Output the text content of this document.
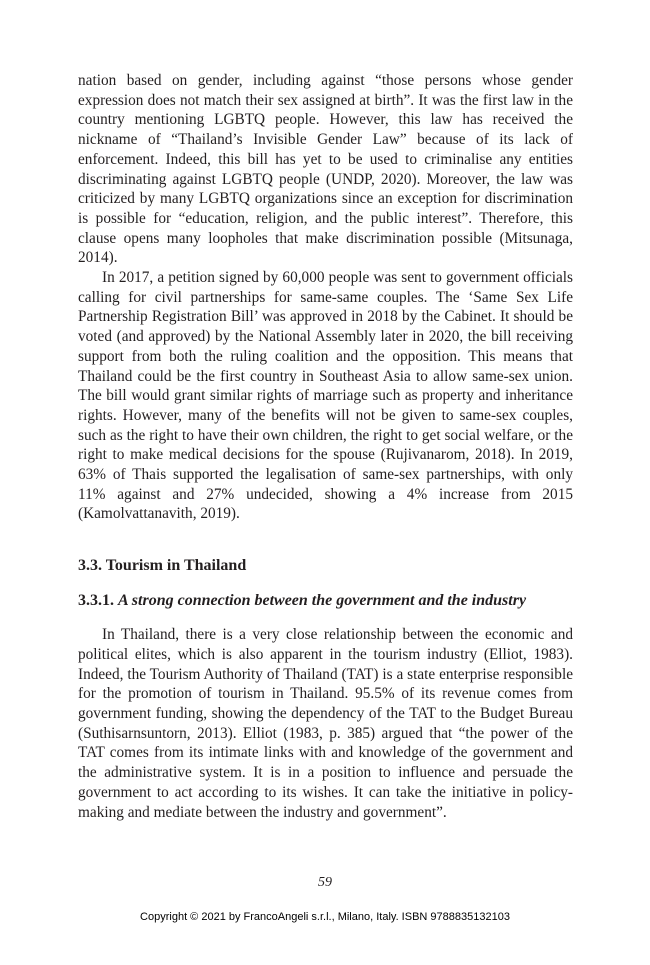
nation based on gender, including against “those persons whose gender expression does not match their sex assigned at birth”. It was the first law in the country mentioning LGBTQ people. However, this law has received the nickname of “Thailand’s Invisible Gender Law” because of its lack of enforcement. Indeed, this bill has yet to be used to criminalise any entities discriminating against LGBTQ people (UNDP, 2020). Moreover, the law was criticized by many LGBTQ organizations since an exception for discrimination is possible for “education, religion, and the public interest”. Therefore, this clause opens many loopholes that make discrimination possible (Mitsunaga, 2014).

In 2017, a petition signed by 60,000 people was sent to government officials calling for civil partnerships for same-same couples. The ‘Same Sex Life Partnership Registration Bill’ was approved in 2018 by the Cabinet. It should be voted (and approved) by the National Assembly later in 2020, the bill receiving support from both the ruling coalition and the opposition. This means that Thailand could be the first country in Southeast Asia to allow same-sex union. The bill would grant similar rights of marriage such as property and inheritance rights. However, many of the benefits will not be given to same-sex couples, such as the right to have their own children, the right to get social welfare, or the right to make medical decisions for the spouse (Rujivanarom, 2018). In 2019, 63% of Thais supported the legalisation of same-sex partnerships, with only 11% against and 27% undecided, showing a 4% increase from 2015 (Kamolvattanavith, 2019).

3.3. Tourism in Thailand
3.3.1. A strong connection between the government and the industry

In Thailand, there is a very close relationship between the economic and political elites, which is also apparent in the tourism industry (Elliot, 1983). Indeed, the Tourism Authority of Thailand (TAT) is a state enterprise responsible for the promotion of tourism in Thailand. 95.5% of its revenue comes from government funding, showing the dependency of the TAT to the Budget Bureau (Suthisarnsuntorn, 2013). Elliot (1983, p. 385) argued that “the power of the TAT comes from its intimate links with and knowledge of the government and the administrative system. It is in a position to influence and persuade the government to act according to its wishes. It can take the initiative in policy-making and mediate between the industry and government”.

59
Copyright © 2021 by FrancoAngeli s.r.l., Milano, Italy. ISBN 9788835132103
